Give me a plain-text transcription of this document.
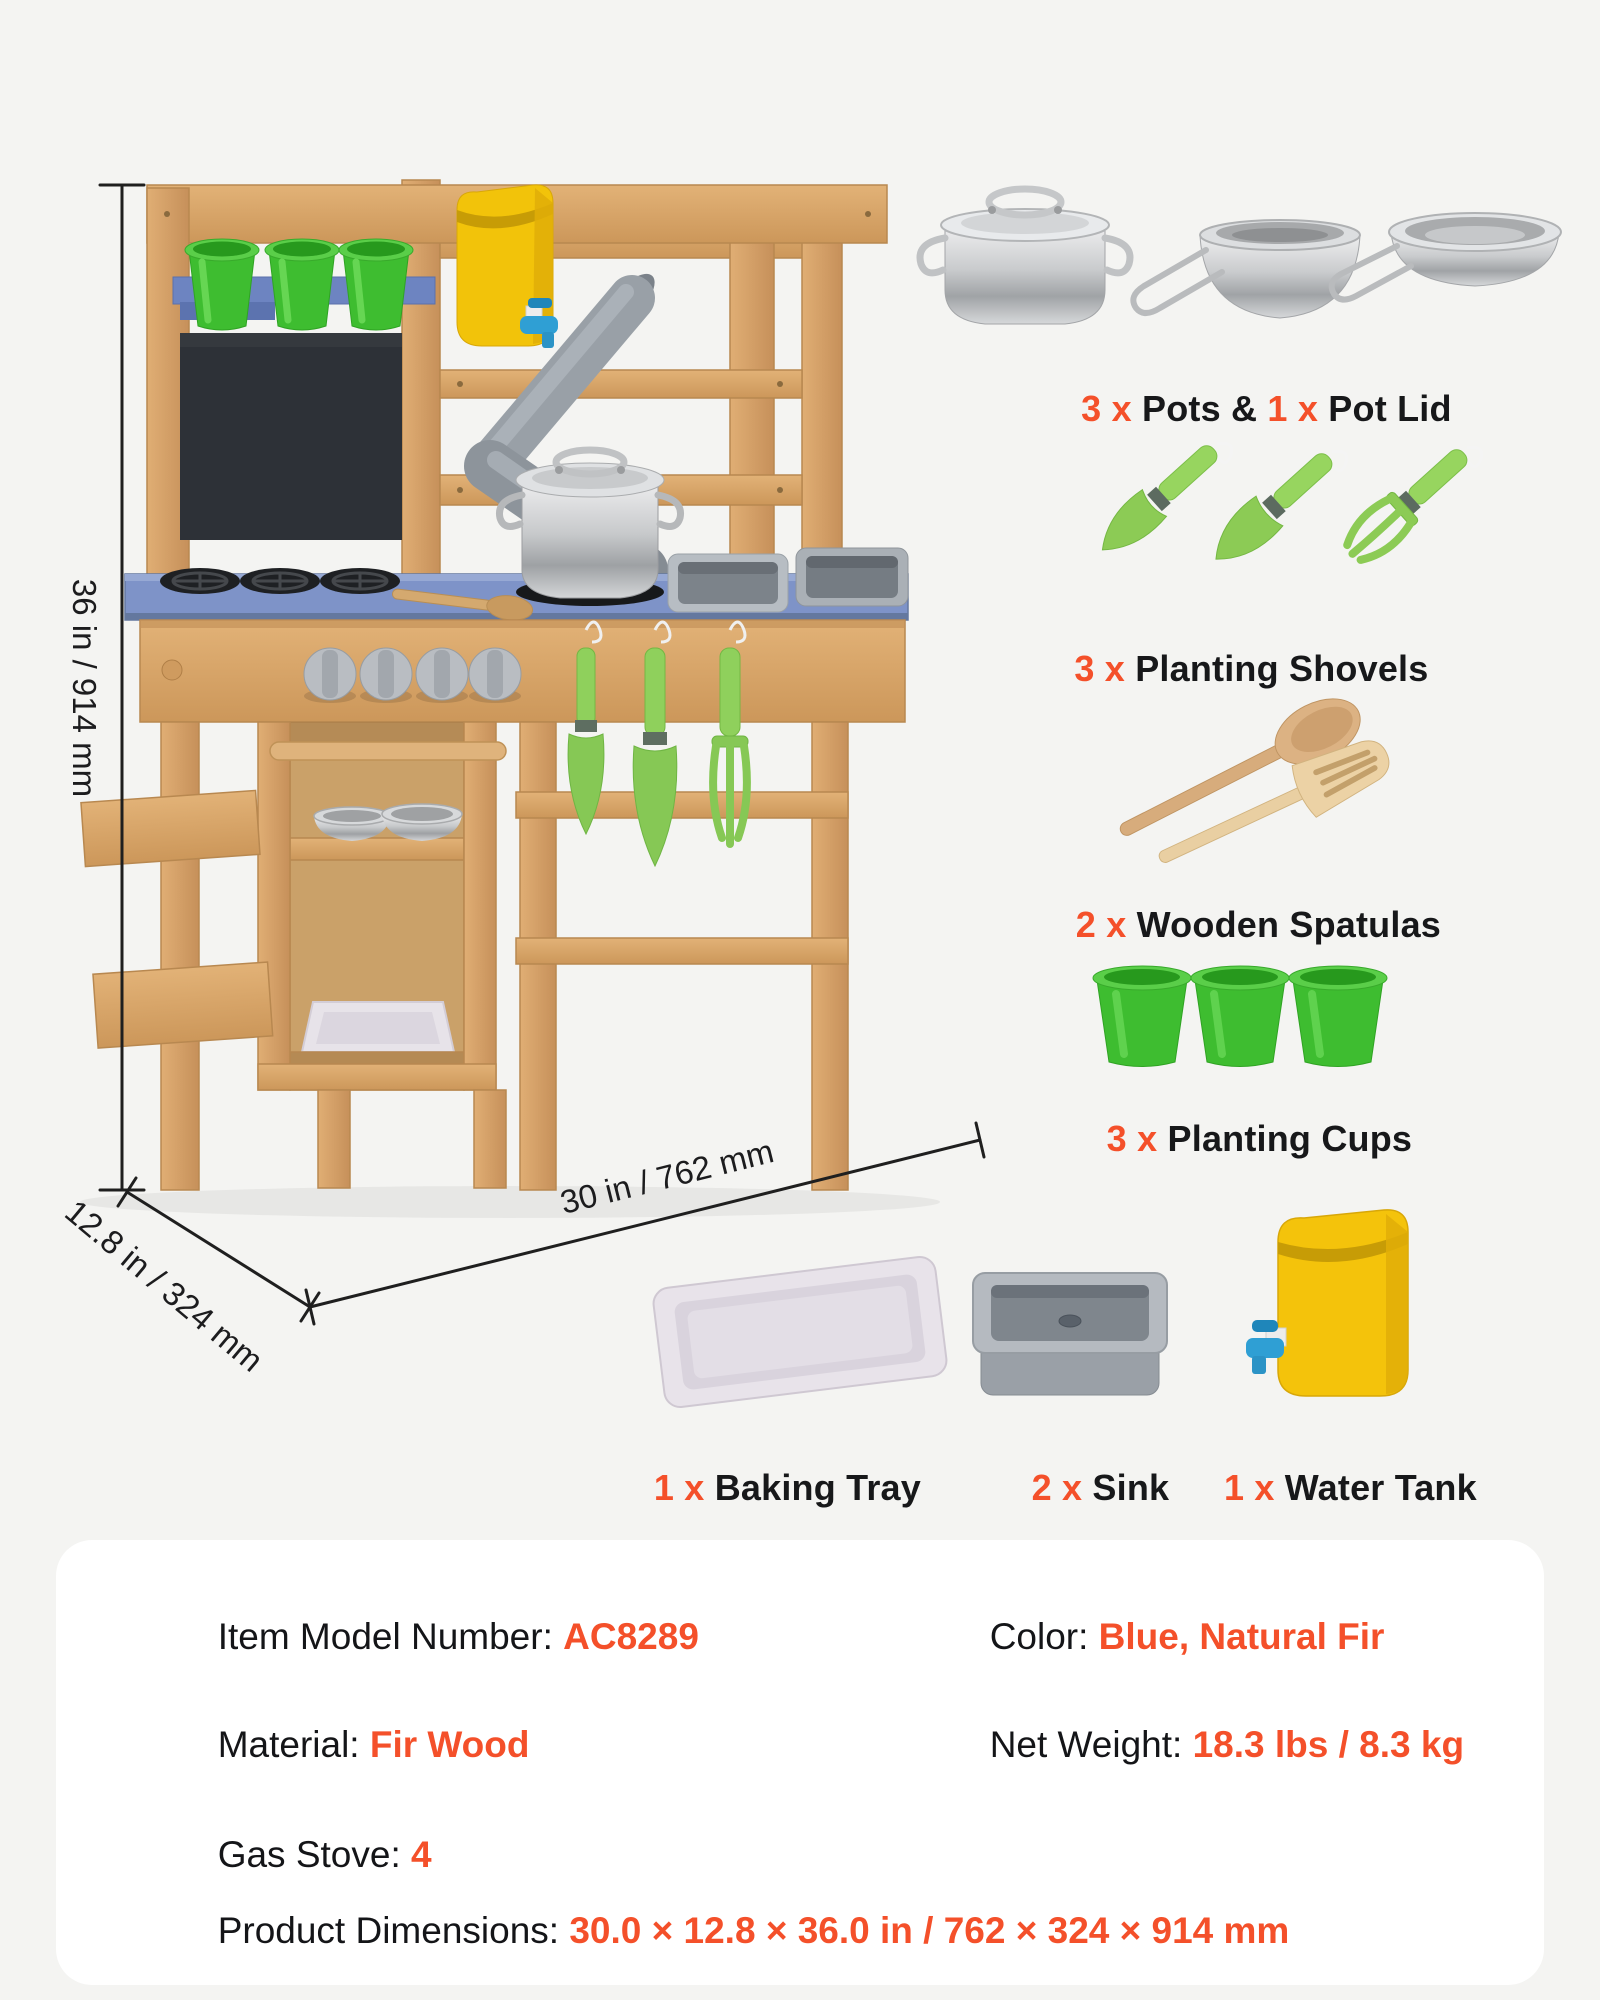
36 in / 914 mm
30 in / 762 mm
12.8 in / 324 mm

3 x Pots & 1 x Pot Lid

3 x Planting Shovels

2 x Wooden Spatulas

3 x Planting Cups

1 x Baking Tray
	2 x Sink
	1 x Water Tank

Item Model Number: AC8289
	Color: Blue, Natural Fir

Material: Fir Wood
	Net Weight: 18.3 lbs / 8.3 kg

Gas Stove: 4

Product Dimensions: 30.0 × 12.8 × 36.0 in / 762 × 324 × 914 mm
